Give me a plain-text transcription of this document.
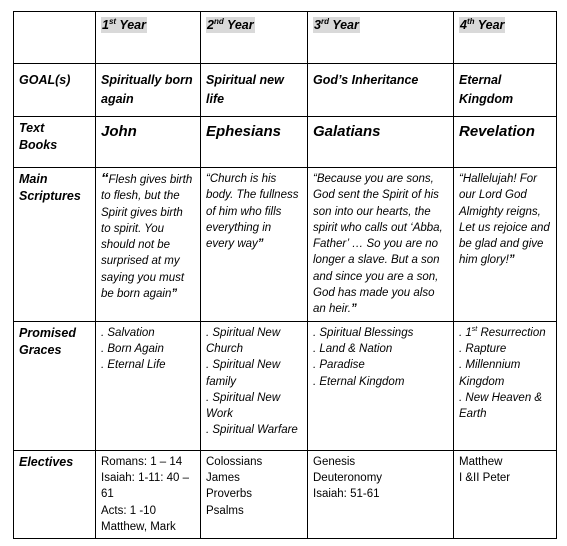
	1st Year	2nd Year	3rd Year	4th Year

GOAL(s)	Spiritually born again	Spiritual new life	God’s Inheritance	Eternal Kingdom

Text Books	John	Ephesians	Galatians	Revelation

Main Scriptures	“Flesh gives birth to flesh, but the Spirit gives birth to spirit. You should not be surprised at my saying you must be born again”	“Church is his body. The fullness of him who fills everything in every way”	“Because you are sons, God sent the Spirit of his son into our hearts, the spirit who calls out ‘Abba, Father’ … So you are no longer a slave. But a son and since you are a son, God has made you also an heir.”	“Hallelujah! For our Lord God Almighty reigns, Let us rejoice and be glad and give him glory!”

Promised Graces	. Salvation
. Born Again
. Eternal Life	. Spiritual New Church
. Spiritual New family
. Spiritual New Work
. Spiritual Warfare	. Spiritual Blessings
. Land & Nation
. Paradise
. Eternal Kingdom	. 1st Resurrection
. Rapture
. Millennium Kingdom
. New Heaven & Earth

Electives	Romans: 1 – 14
Isaiah: 1-11: 40 – 61
Acts: 1 -10
Matthew, Mark	Colossians
James
Proverbs
Psalms	Genesis
Deuteronomy
Isaiah: 51-61	Matthew
I &II Peter
